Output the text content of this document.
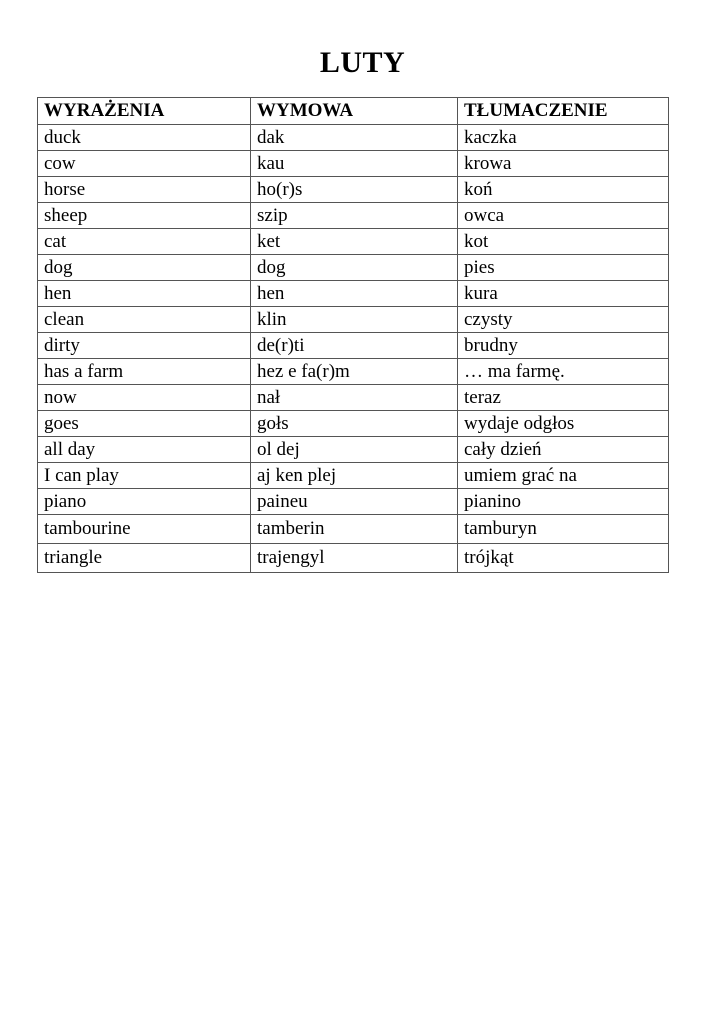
LUTY
WYRAŻENIA	WYMOWA	TŁUMACZENIE
duck	dak	kaczka
cow	kau	krowa
horse	ho(r)s	koń
sheep	szip	owca
cat	ket	kot
dog	dog	pies
hen	hen	kura
clean	klin	czysty
dirty	de(r)ti	brudny
has a farm	hez e fa(r)m	… ma farmę.
now	nał	teraz
goes	gołs	wydaje odgłos
all day	ol dej	cały dzień
I can play	aj ken plej	umiem grać na
piano	paineu	pianino
tambourine	tamberin	tamburyn
triangle	trajengyl	trójkąt
